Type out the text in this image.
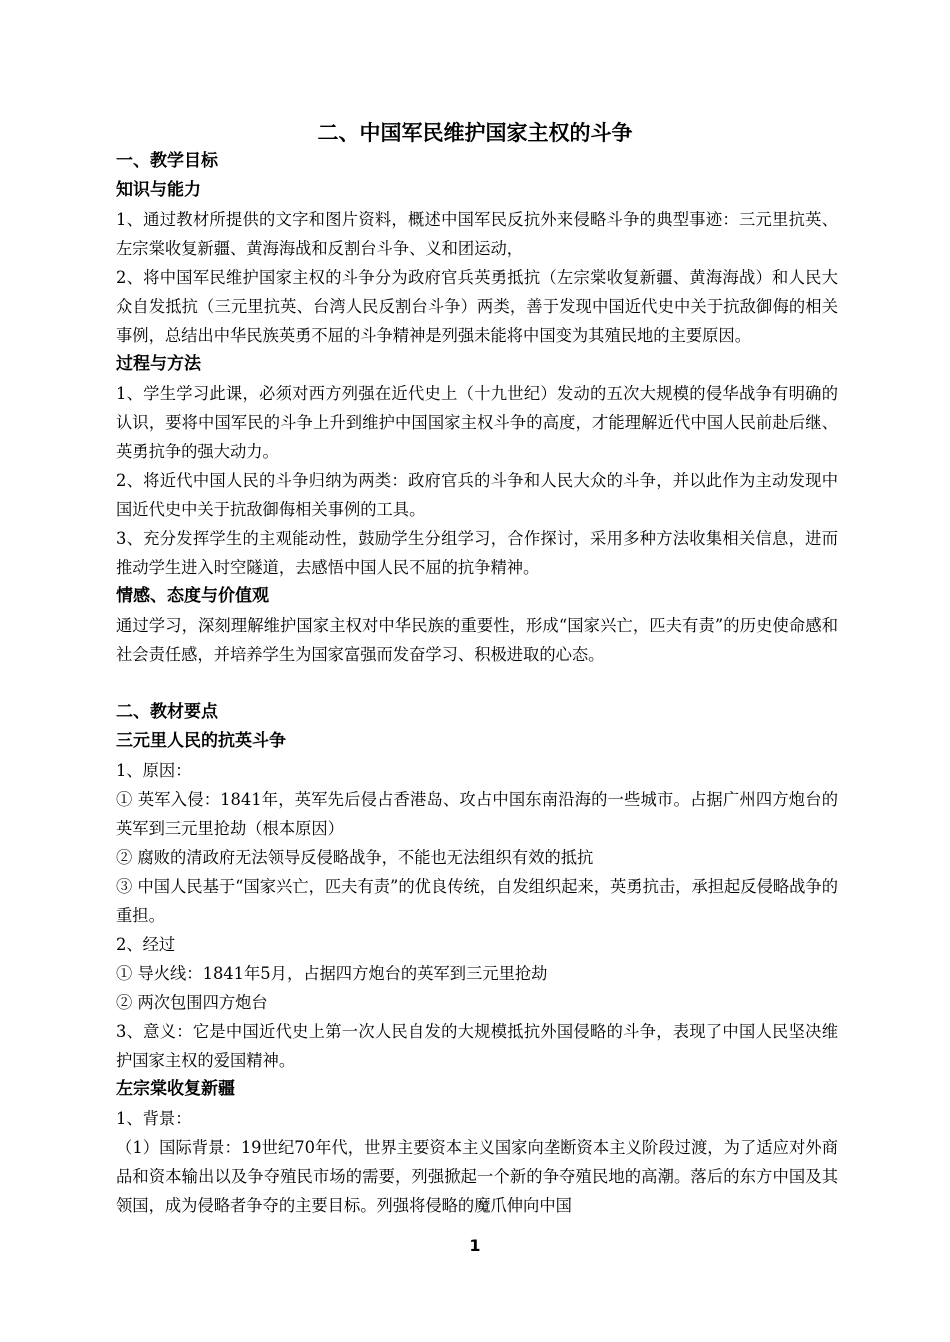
二、中国军民维护国家主权的斗争
一、教学目标
知识与能力

1、通过教材所提供的文字和图片资料，概述中国军民反抗外来侵略斗争的典型事迹：三元里抗英、左宗棠收复新疆、黄海海战和反割台斗争、义和团运动，

2、将中国军民维护国家主权的斗争分为政府官兵英勇抵抗（左宗棠收复新疆、黄海海战）和人民大众自发抵抗（三元里抗英、台湾人民反割台斗争）两类，善于发现中国近代史中关于抗敌御侮的相关事例，总结出中华民族英勇不屈的斗争精神是列强未能将中国变为其殖民地的主要原因。

过程与方法

1、学生学习此课，必须对西方列强在近代史上（十九世纪）发动的五次大规模的侵华战争有明确的认识，要将中国军民的斗争上升到维护中国国家主权斗争的高度，才能理解近代中国人民前赴后继、英勇抗争的强大动力。

2、将近代中国人民的斗争归纳为两类：政府官兵的斗争和人民大众的斗争，并以此作为主动发现中国近代史中关于抗敌御侮相关事例的工具。

3、充分发挥学生的主观能动性，鼓励学生分组学习，合作探讨，采用多种方法收集相关信息，进而推动学生进入时空隧道，去感悟中国人民不屈的抗争精神。

情感、态度与价值观

通过学习，深刻理解维护国家主权对中华民族的重要性，形成“国家兴亡，匹夫有责”的历史使命感和社会责任感，并培养学生为国家富强而发奋学习、积极进取的心态。

二、教材要点
三元里人民的抗英斗争

1、原因：

① 英军入侵：1841年，英军先后侵占香港岛、攻占中国东南沿海的一些城市。占据广州四方炮台的英军到三元里抢劫（根本原因）

② 腐败的清政府无法领导反侵略战争，不能也无法组织有效的抵抗

③ 中国人民基于“国家兴亡，匹夫有责”的优良传统，自发组织起来，英勇抗击，承担起反侵略战争的重担。

2、经过

① 导火线：1841年5月，占据四方炮台的英军到三元里抢劫

② 两次包围四方炮台

3、意义：它是中国近代史上第一次人民自发的大规模抵抗外国侵略的斗争，表现了中国人民坚决维护国家主权的爱国精神。

左宗棠收复新疆

1、背景：

（1）国际背景：19世纪70年代，世界主要资本主义国家向垄断资本主义阶段过渡，为了适应对外商品和资本输出以及争夺殖民市场的需要，列强掀起一个新的争夺殖民地的高潮。落后的东方中国及其领国，成为侵略者争夺的主要目标。列强将侵略的魔爪伸向中国

1
